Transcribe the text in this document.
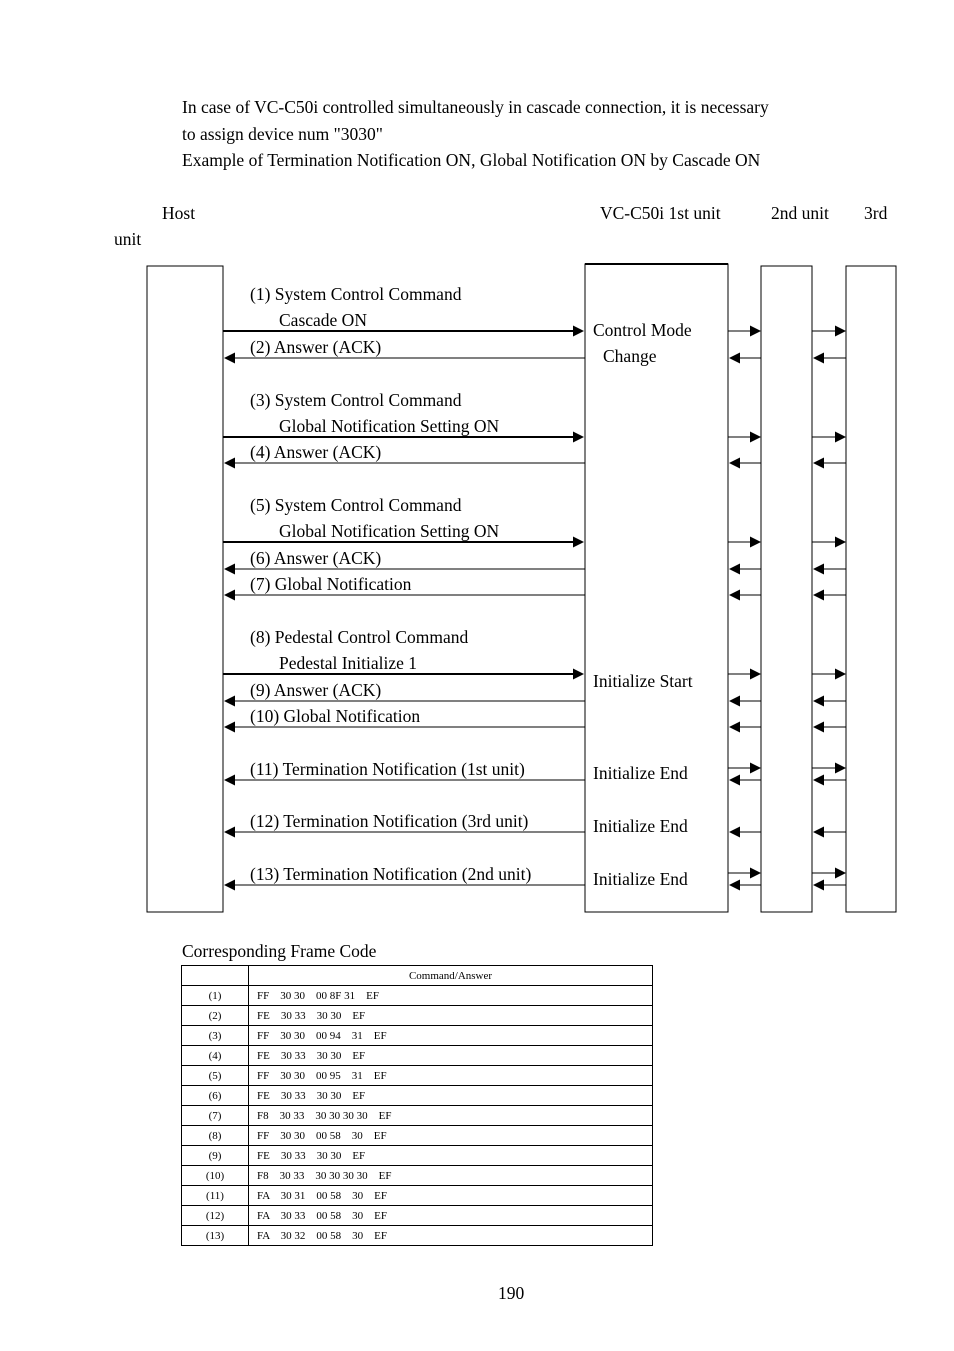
In case of VC-C50i controlled simultaneously in cascade connection, it is necessary
to assign device num "3030"
Example of Termination Notification ON, Global Notification ON by Cascade ON
Host	VC-C50i 1st unit	2nd unit 3rd
unit
(1) System Control Command
Cascade ON
(2) Answer (ACK)
(3) System Control Command
Global Notification Setting ON
(4) Answer (ACK)
(5) System Control Command
Global Notification Setting ON
(6) Answer (ACK)
(7) Global Notification
(8) Pedestal Control Command
Pedestal Initialize 1
(9) Answer (ACK)
(10) Global Notification
(11) Termination Notification (1st unit)
(12) Termination Notification (3rd unit)
(13) Termination Notification (2nd unit)
Control Mode
Change
Initialize Start
Initialize End
Initialize End
Initialize End
Corresponding Frame Code
	Command/Answer
(1)	FF    30 30    00 8F 31    EF
(2)	FE    30 33    30 30    EF
(3)	FF    30 30    00 94    31    EF
(4)	FE    30 33    30 30    EF
(5)	FF    30 30    00 95    31    EF
(6)	FE    30 33    30 30    EF
(7)	F8    30 33    30 30 30 30    EF
(8)	FF    30 30    00 58    30    EF
(9)	FE    30 33    30 30    EF
(10)	F8    30 33    30 30 30 30    EF
(11)	FA    30 31    00 58    30    EF
(12)	FA    30 33    00 58    30    EF
(13)	FA    30 32    00 58    30    EF
190
